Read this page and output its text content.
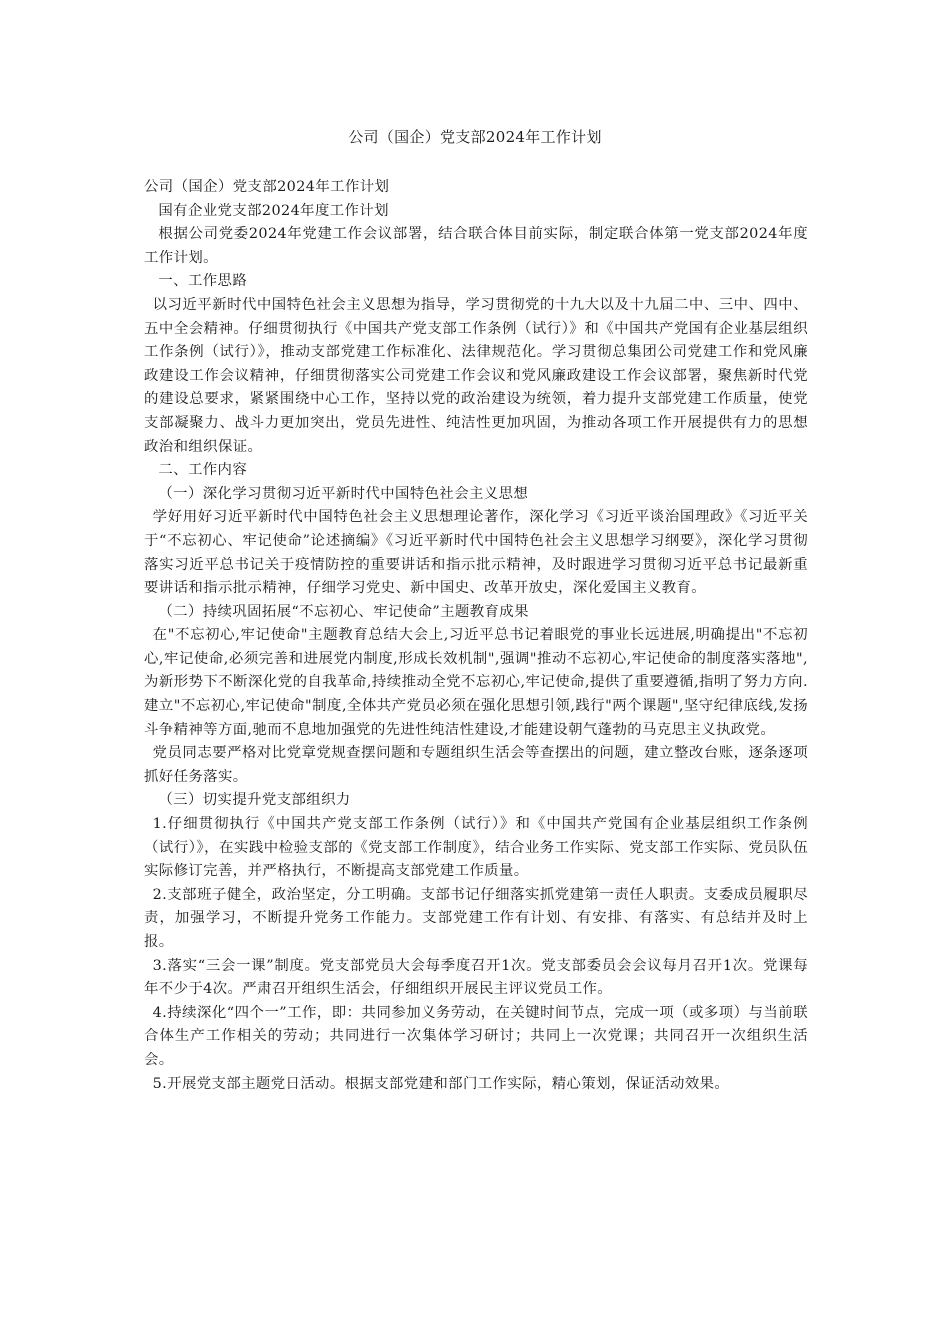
公司（国企）党支部2024年工作计划

公司（国企）党支部2024年工作计划

国有企业党支部2024年度工作计划

根据公司党委2024年党建工作会议部署，结合联合体目前实际，制定联合体第一党支部2024年度工作计划。

一、工作思路

以习近平新时代中国特色社会主义思想为指导，学习贯彻党的十九大以及十九届二中、三中、四中、五中全会精神。仔细贯彻执行《中国共产党支部工作条例（试行）》和《中国共产党国有企业基层组织工作条例（试行）》，推动支部党建工作标准化、法律规范化。学习贯彻总集团公司党建工作和党风廉政建设工作会议精神，仔细贯彻落实公司党建工作会议和党风廉政建设工作会议部署，聚焦新时代党的建设总要求，紧紧围绕中心工作，坚持以党的政治建设为统领，着力提升支部党建工作质量，使党支部凝聚力、战斗力更加突出，党员先进性、纯洁性更加巩固，为推动各项工作开展提供有力的思想政治和组织保证。

二、工作内容

（一）深化学习贯彻习近平新时代中国特色社会主义思想

学好用好习近平新时代中国特色社会主义思想理论著作，深化学习《习近平谈治国理政》《习近平关于“不忘初心、牢记使命”论述摘编》《习近平新时代中国特色社会主义思想学习纲要》，深化学习贯彻落实习近平总书记关于疫情防控的重要讲话和指示批示精神，及时跟进学习贯彻习近平总书记最新重要讲话和指示批示精神，仔细学习党史、新中国史、改革开放史，深化爱国主义教育。

（二）持续巩固拓展“不忘初心、牢记使命”主题教育成果

在"不忘初心,牢记使命"主题教育总结大会上,习近平总书记着眼党的事业长远进展,明确提出"不忘初心,牢记使命,必须完善和进展党内制度,形成长效机制",强调"推动不忘初心,牢记使命的制度落实落地",为新形势下不断深化党的自我革命,持续推动全党不忘初心,牢记使命,提供了重要遵循,指明了努力方向.建立"不忘初心,牢记使命"制度,全体共产党员必须在强化思想引领,践行"两个课题",坚守纪律底线,发扬斗争精神等方面,驰而不息地加强党的先进性纯洁性建设,才能建设朝气蓬勃的马克思主义执政党。

党员同志要严格对比党章党规查摆问题和专题组织生活会等查摆出的问题，建立整改台账，逐条逐项抓好任务落实。

（三）切实提升党支部组织力

1.仔细贯彻执行《中国共产党支部工作条例（试行）》和《中国共产党国有企业基层组织工作条例（试行）》，在实践中检验支部的《党支部工作制度》，结合业务工作实际、党支部工作实际、党员队伍实际修订完善，并严格执行，不断提高支部党建工作质量。

2.支部班子健全，政治坚定，分工明确。支部书记仔细落实抓党建第一责任人职责。支委成员履职尽责，加强学习，不断提升党务工作能力。支部党建工作有计划、有安排、有落实、有总结并及时上报。

3.落实“三会一课”制度。党支部党员大会每季度召开1次。党支部委员会会议每月召开1次。党课每年不少于4次。严肃召开组织生活会，仔细组织开展民主评议党员工作。

4.持续深化“四个一”工作，即：共同参加义务劳动，在关键时间节点，完成一项（或多项）与当前联合体生产工作相关的劳动；共同进行一次集体学习研讨；共同上一次党课；共同召开一次组织生活会。

5.开展党支部主题党日活动。根据支部党建和部门工作实际，精心策划，保证活动效果。
